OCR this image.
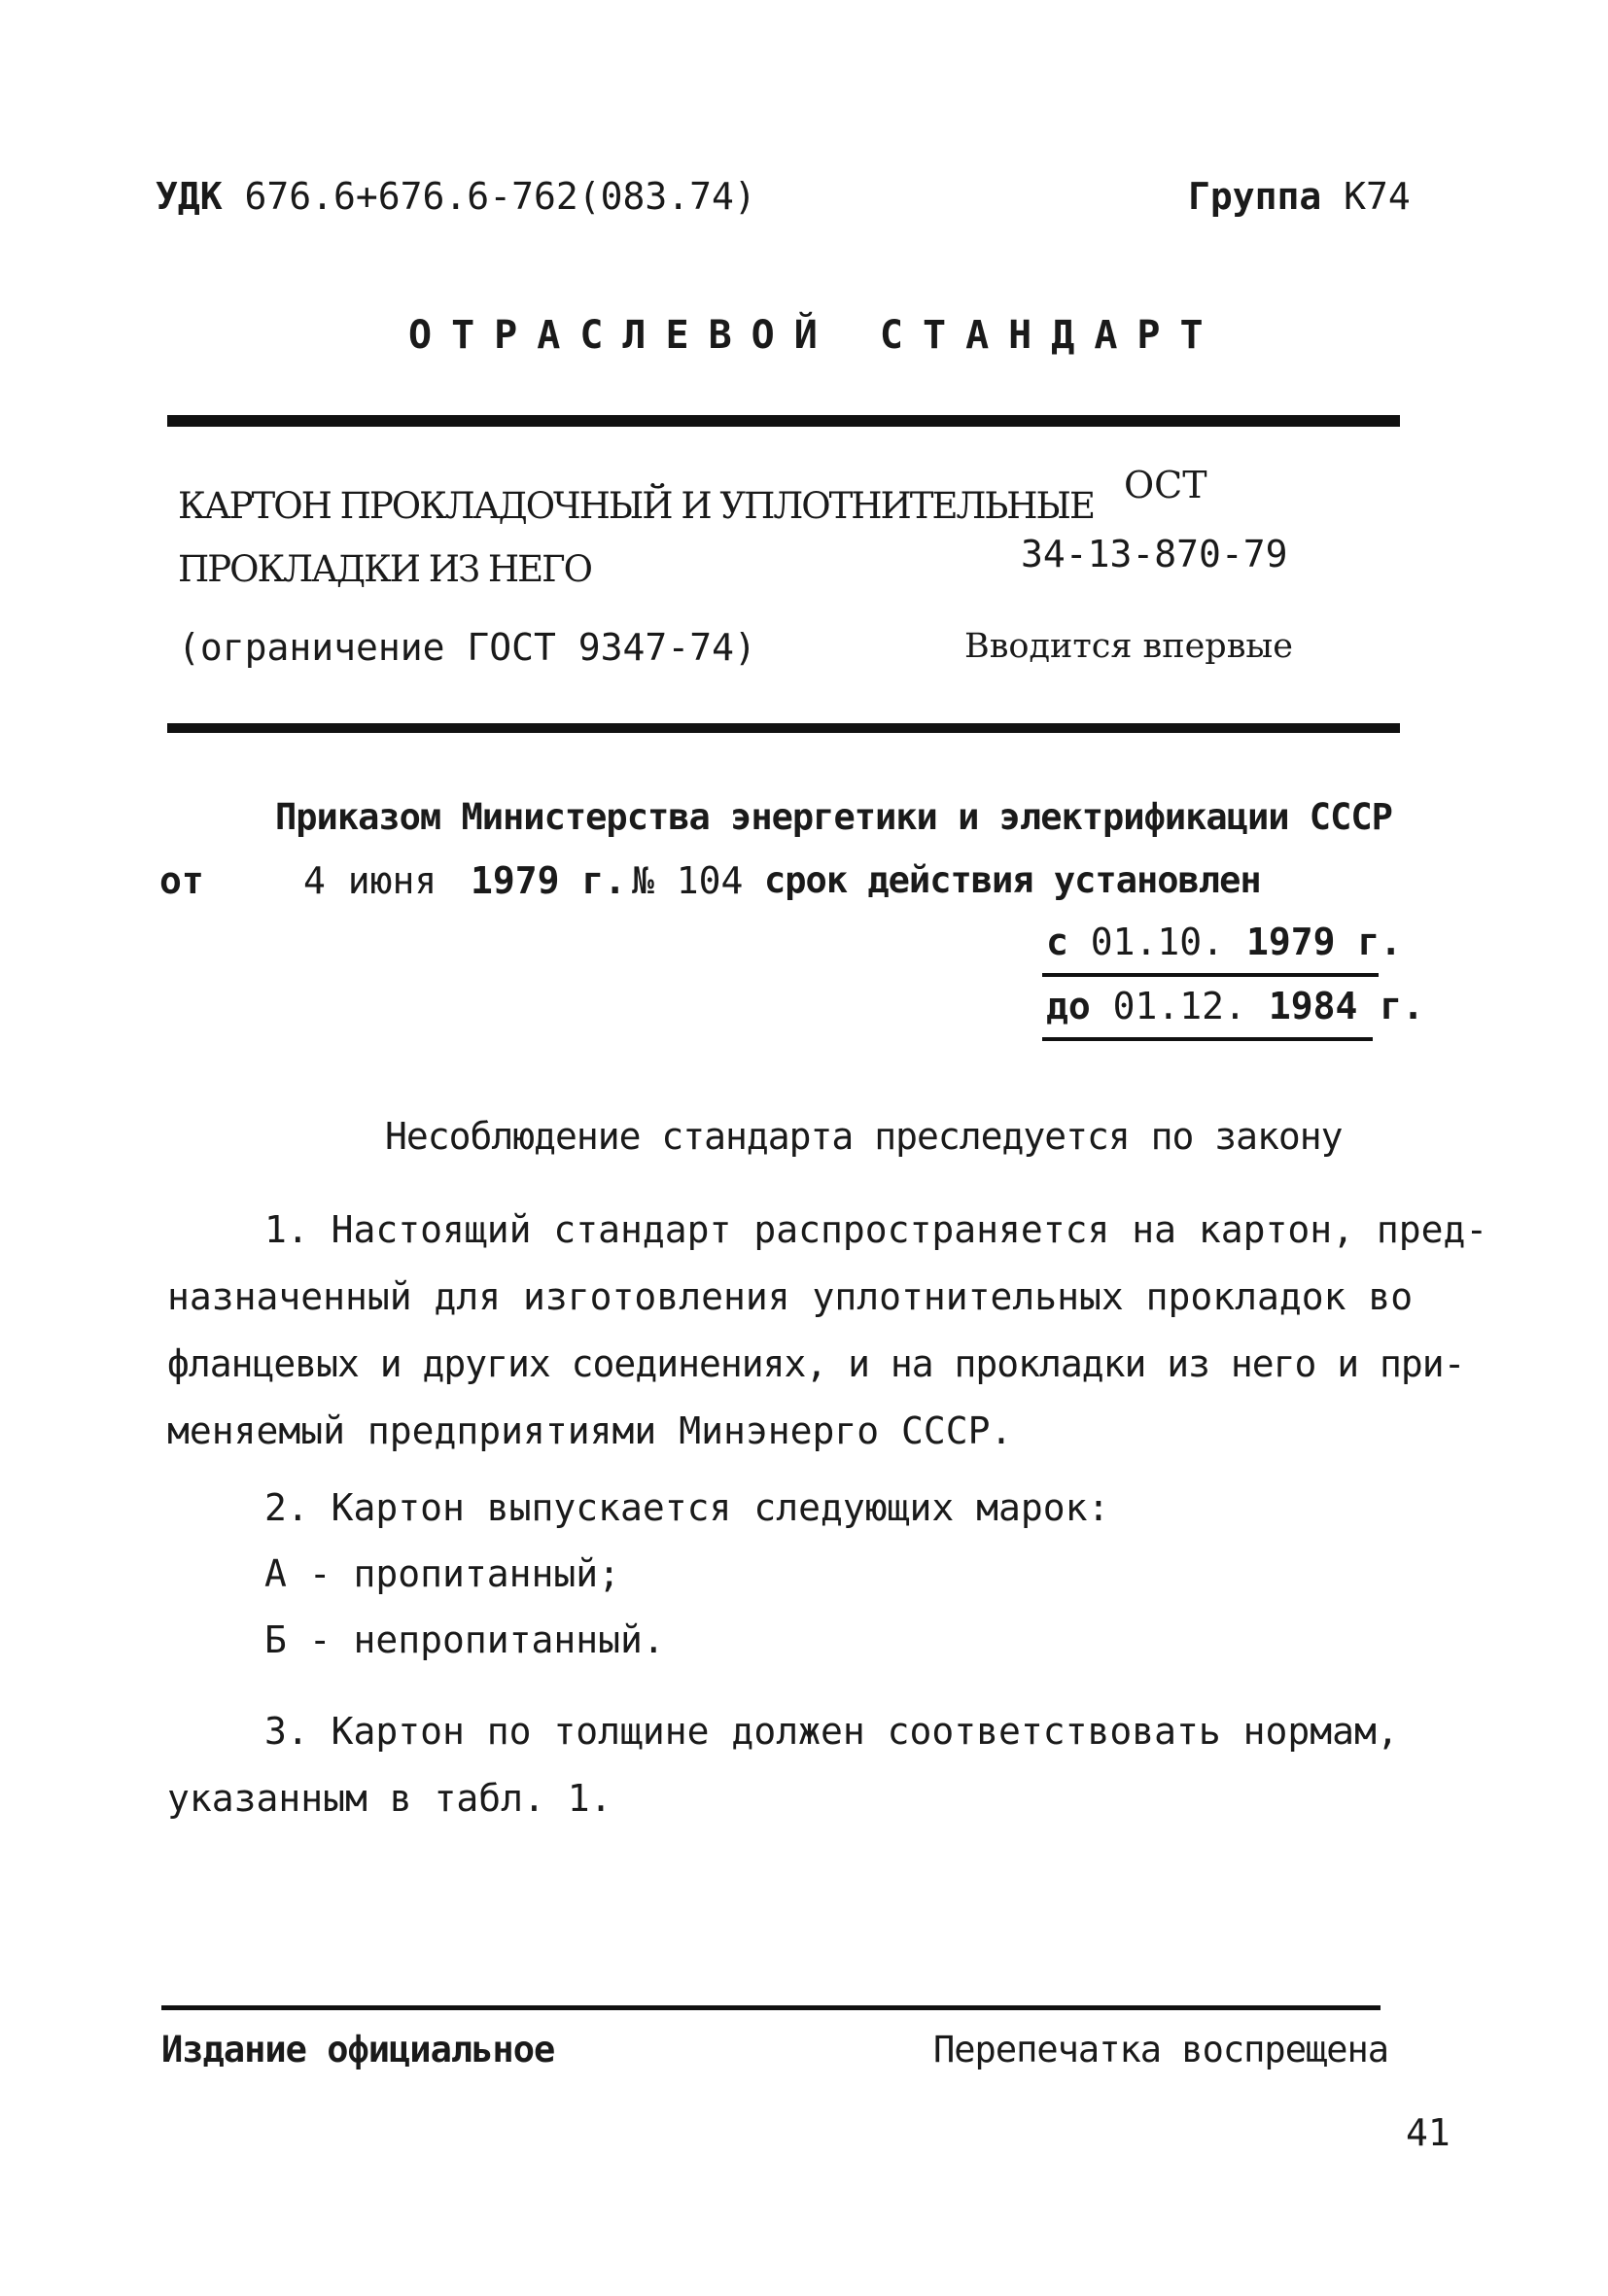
УДК 676.6+676.6-762(083.74)	Группа К74
ОТРАСЛЕВОЙ СТАНДАРТ
КАРТОН ПРОКЛАДОЧНЫЙ И УПЛОТНИТЕЛЬНЫЕ
ПРОКЛАДКИ ИЗ НЕГО
(ограничение ГОСТ 9347-74)
ОСТ
34-13-870-79
Вводится впервые
Приказом Министерства энергетики и электрификации СССР
от	4 июня 1979 г. № 104 срок действия установлен
с 01.10. 1979 г.
до 01.12. 1984 г.
Несоблюдение стандарта преследуется по закону
1. Настоящий стандарт распространяется на картон, пред-
назначенный для изготовления уплотнительных прокладок во
фланцевых и других соединениях, и на прокладки из него и при-
меняемый предприятиями Минэнерго СССР.
2. Картон выпускается следующих марок:
А - пропитанный;
Б - непропитанный.
3. Картон по толщине должен соответствовать нормам,
указанным в табл. 1.
Издание официальное	Перепечатка воспрещена
41
